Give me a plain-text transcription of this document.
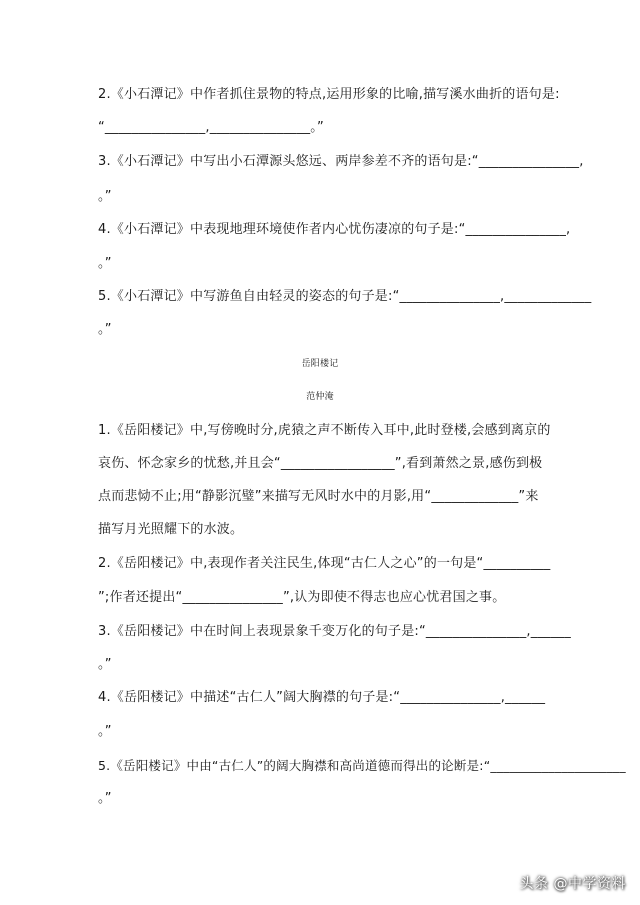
2.《小石潭记》中作者抓住景物的特点,运用形象的比喻,描写溪水曲折的语句是:
“_______________,_______________。”
3.《小石潭记》中写出小石潭源头悠远、两岸参差不齐的语句是:“_______________,
。”
4.《小石潭记》中表现地理环境使作者内心忧伤凄凉的句子是:“_______________,
。”
5.《小石潭记》中写游鱼自由轻灵的姿态的句子是:“_______________,_____________
。”
岳阳楼记
范仲淹
1.《岳阳楼记》中,写傍晚时分,虎猿之声不断传入耳中,此时登楼,会感到离京的
哀伤、怀念家乡的忧愁,并且会“_________________”,看到萧然之景,感伤到极
点而悲恸不止;用“静影沉璧”来描写无风时水中的月影,用“_____________”来
描写月光照耀下的水波。
2.《岳阳楼记》中,表现作者关注民生,体现“古仁人之心”的一句是“__________
”;作者还提出“_______________”,认为即使不得志也应心忧君国之事。
3.《岳阳楼记》中在时间上表现景象千变万化的句子是:“_______________,______
。”
4.《岳阳楼记》中描述“古仁人”阔大胸襟的句子是:“_______________,______
。”
5.《岳阳楼记》中由“古仁人”的阔大胸襟和高尚道德而得出的论断是:“_____________________
。”
头条 @中学资料
